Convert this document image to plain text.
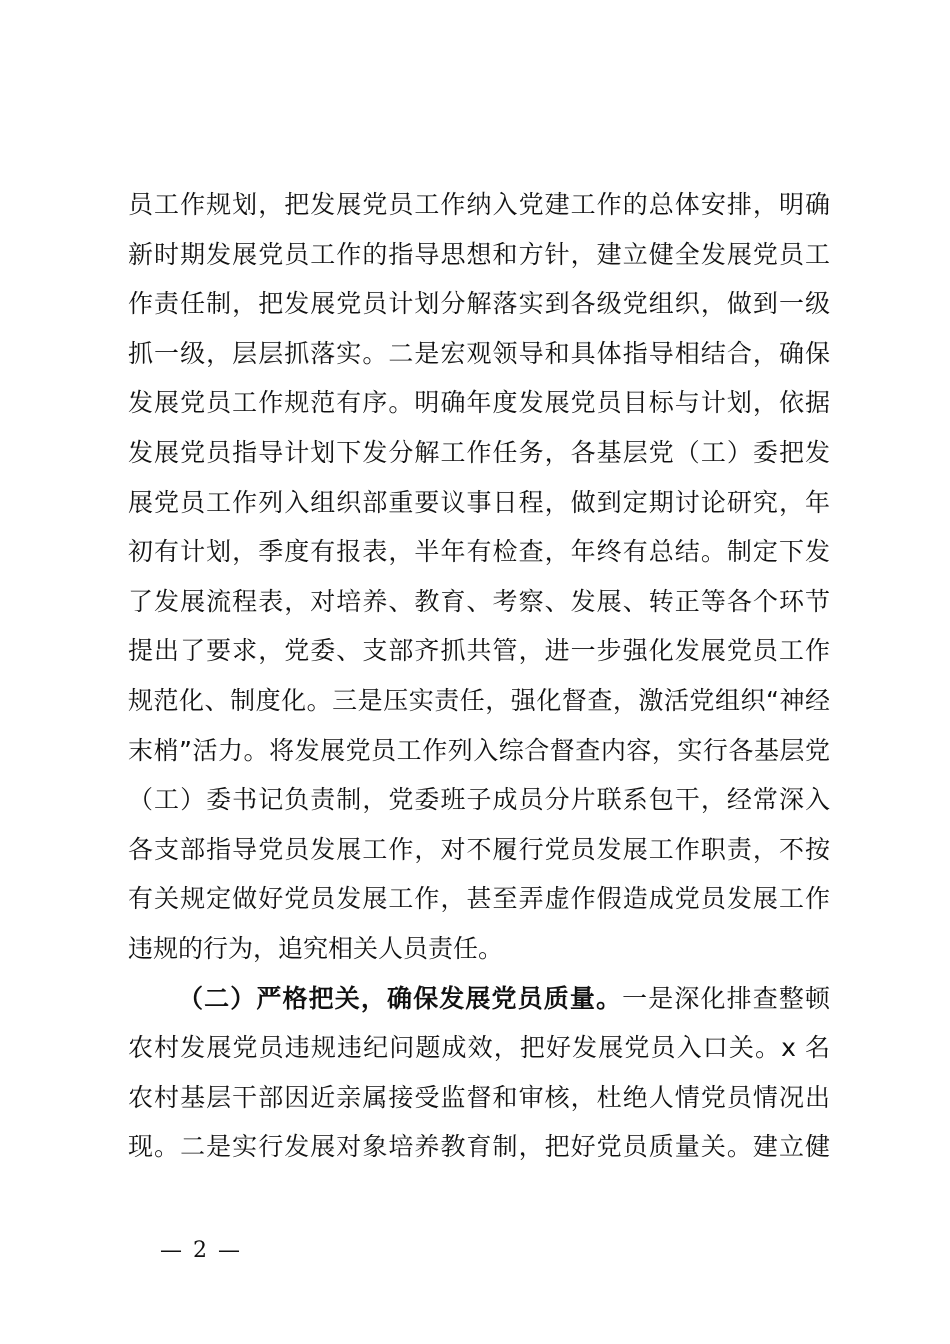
员工作规划，把发展党员工作纳入党建工作的总体安排，明确
新时期发展党员工作的指导思想和方针，建立健全发展党员工
作责任制，把发展党员计划分解落实到各级党组织，做到一级
抓一级，层层抓落实。二是宏观领导和具体指导相结合，确保
发展党员工作规范有序。明确年度发展党员目标与计划，依据
发展党员指导计划下发分解工作任务，各基层党（工）委把发
展党员工作列入组织部重要议事日程，做到定期讨论研究，年
初有计划，季度有报表，半年有检查，年终有总结。制定下发
了发展流程表，对培养、教育、考察、发展、转正等各个环节
提出了要求，党委、支部齐抓共管，进一步强化发展党员工作
规范化、制度化。三是压实责任，强化督查，激活党组织“神经
末梢”活力。将发展党员工作列入综合督查内容，实行各基层党
（工）委书记负责制，党委班子成员分片联系包干，经常深入
各支部指导党员发展工作，对不履行党员发展工作职责，不按
有关规定做好党员发展工作，甚至弄虚作假造成党员发展工作
违规的行为，追究相关人员责任。
（二）严格把关，确保发展党员质量。一是深化排查整顿
农村发展党员违规违纪问题成效，把好发展党员入口关。x 名
农村基层干部因近亲属接受监督和审核，杜绝人情党员情况出
现。二是实行发展对象培养教育制，把好党员质量关。建立健
— 2 —
